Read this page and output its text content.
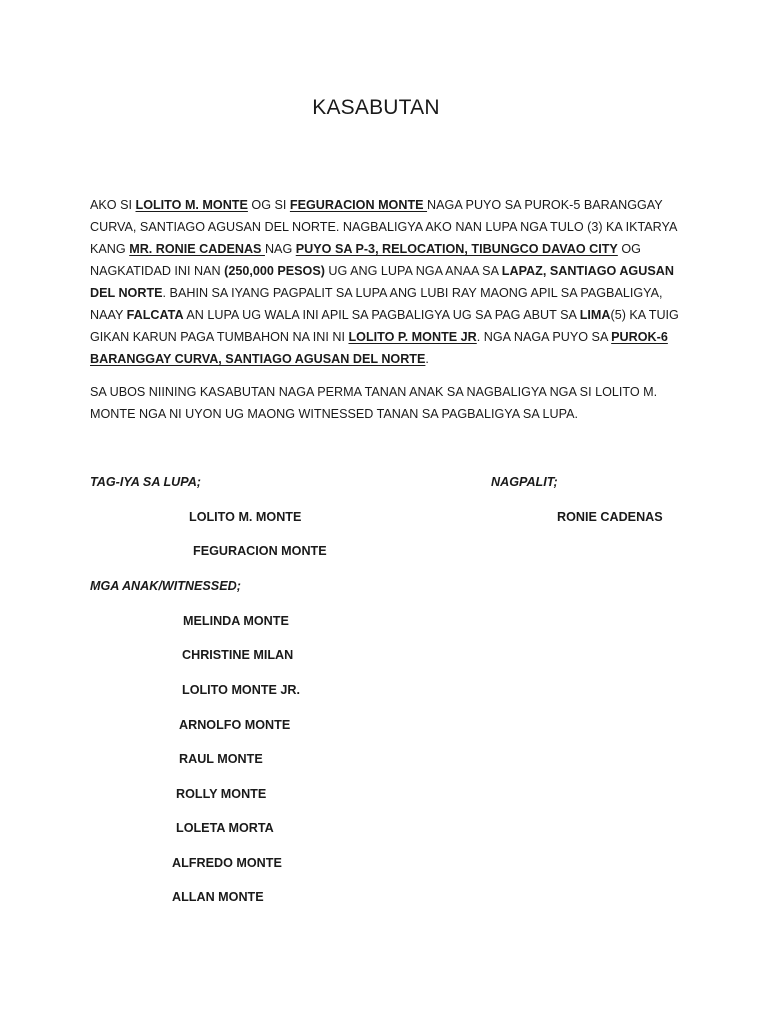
KASABUTAN
AKO SI LOLITO M. MONTE OG SI FEGURACION MONTE NAGA PUYO SA PUROK-5 BARANGGAY CURVA, SANTIAGO AGUSAN DEL NORTE. NAGBALIGYA AKO NAN LUPA NGA TULO (3) KA IKTARYA KANG MR. RONIE CADENAS NAG PUYO SA P-3, RELOCATION, TIBUNGCO DAVAO CITY OG NAGKATIDAD INI NAN (250,000 PESOS) UG ANG LUPA NGA ANAA SA LAPAZ, SANTIAGO AGUSAN DEL NORTE. BAHIN SA IYANG PAGPALIT SA LUPA ANG LUBI RAY MAONG APIL SA PAGBALIGYA, NAAY FALCATA AN LUPA UG WALA INI APIL SA PAGBALIGYA UG SA PAG ABUT SA LIMA(5) KA TUIG GIKAN KARUN PAGA TUMBAHON NA INI NI LOLITO P. MONTE JR. NGA NAGA PUYO SA PUROK-6 BARANGGAY CURVA, SANTIAGO AGUSAN DEL NORTE.
SA UBOS NIINING KASABUTAN NAGA PERMA TANAN ANAK SA NAGBALIGYA NGA SI LOLITO M. MONTE NGA NI UYON UG MAONG WITNESSED TANAN SA PAGBALIGYA SA LUPA.
TAG-IYA SA LUPA;	NAGPALIT;
LOLITO M. MONTE	RONIE CADENAS
FEGURACION MONTE
MGA ANAK/WITNESSED;
MELINDA MONTE
CHRISTINE MILAN
LOLITO MONTE JR.
ARNOLFO MONTE
RAUL MONTE
ROLLY MONTE
LOLETA MORTA
ALFREDO MONTE
ALLAN MONTE
